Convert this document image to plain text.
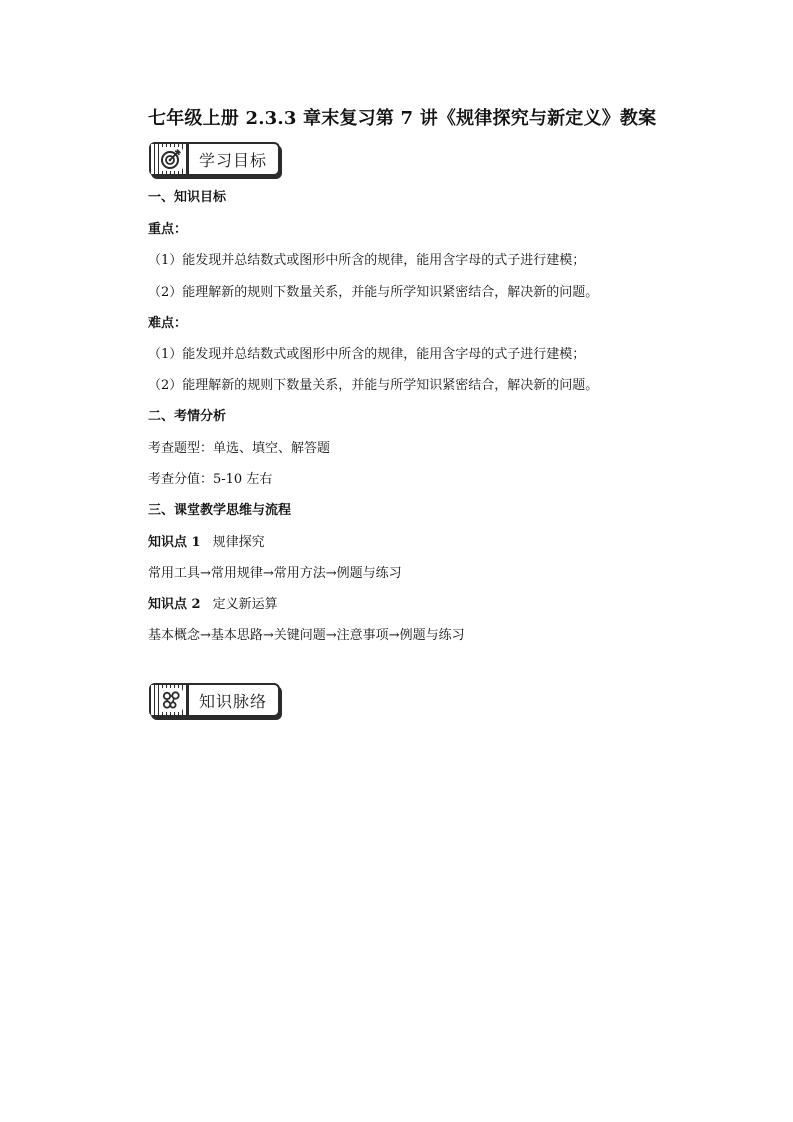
七年级上册 2.3.3 章末复习第 7 讲《规律探究与新定义》教案
学习目标
一、知识目标
重点：
（1）能发现并总结数式或图形中所含的规律，能用含字母的式子进行建模；
（2）能理解新的规则下数量关系，并能与所学知识紧密结合，解决新的问题。
难点：
（1）能发现并总结数式或图形中所含的规律，能用含字母的式子进行建模；
（2）能理解新的规则下数量关系，并能与所学知识紧密结合，解决新的问题。
二、考情分析
考查题型：单选、填空、解答题
考查分值：5-10 左右
三、课堂教学思维与流程
知识点 1 规律探究
常用工具→常用规律→常用方法→例题与练习
知识点 2 定义新运算
基本概念→基本思路→关键问题→注意事项→例题与练习
知识脉络
